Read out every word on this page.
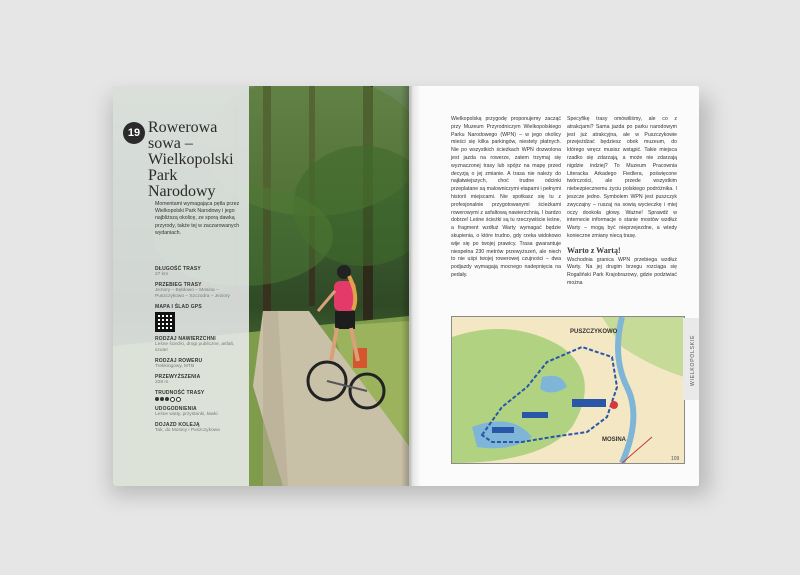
19 Rowerowa sowa – Wielkopolski Park Narodowy
Momentami wymagająca pętla przez Wielkopolski Park Narodowy i jego najbliższą okolicę, ze sporą dawką przyrody, także tej w zaczarowanych wydaniach.
DŁUGOŚĆ TRASY
27 km
PRZEBIEG TRASY
Jeziory – Bębłowo – Mosina – Puszczykowo – Szczodra – Jeziory
MAPA I ŚLAD GPS
RODZAJ NAWIERZCHNI
Leśne ścieżki, drogi publiczne, asfalt, szuter
RODZAJ ROWERU
Trekkingowy, MTB
PRZEWYŻSZENIA
228 m
TRUDNOŚĆ TRASY
UDOGODNIENIA
Leśne wiaty, przystanki, ławki
DOJAZD KOLEJĄ
Tak, do Mosiny i Puszczykowa
Wielkopolską przygodę proponujemy zacząć przy Muzeum Przyrodniczym Wielkopolskiego Parku Narodowego (WPN) – w jego okolicy mieści się kilka parkingów, niestety płatnych. Nie po wszystkich ścieżkach WPN dozwolona jest jazda na rowerze, zatem trzymaj się wyznaczonej trasy lub spójrz na mapę przed decyzją o jej zmianie. A trasa nie należy do najłatwiejszych, choć trudne odcinki przeplatane są malowniczymi etapami i pełnymi historii miejscami. Nie spotkasz się tu z profesjonalnie przygotowanymi ścieżkami rowerowymi z asfaltową nawierzchnią. I bardzo dobrze! Leśne ścieżki są tu rzeczywiście leśne, a fragment wzdłuż Warty wymagać będzie skupienia, o które trudno, gdy rzeka widokowo wije się po twojej prawicy. Trasa gwarantuje niespełna 230 metrów przewyższeń, ale niech to nie uśpi twojej rowerowej czujności – dwa podjazdy wymagają mocnego nadepnięcia na pedały.
Specyfikę trasy omówiliśmy, ale co z atrakcjami? Sama jazda po parku narodowym jest już atrakcyjna, ale w Puszczykowie przejeżdżać będziesz obok muzeum, do którego wręcz musisz wstąpić. Takie miejsca rzadko się zdarzają, a może nie zdarzają nigdzie indziej? To Muzeum Pracownia Literacka Arkadego Fiedlera, poświęcone twórczości, ale przede wszystkim niebezpiecznemu życiu polskiego podróżnika. I jeszcze jedno. Symbolem WPN jest puszczyk zwyczajny – ruszaj na sowią wycieczkę i miej oczy dookoła głowy. Ważne! Sprawdź w internecie informacje o stanie mostów wzdłuż Warty – mogą być nieprzejezdne, a wtedy konieczne zmiany niecą trasę.
Warto z Wartą!
Wschodnia granica WPN przebiega wzdłuż Warty. Na jej drugim brzegu rozciąga się Rogaliński Park Krajobrazowy, gdzie podziwiać można
PUSZCZYKOWO
MOSINA
WIELKOPOLSKIE
109
